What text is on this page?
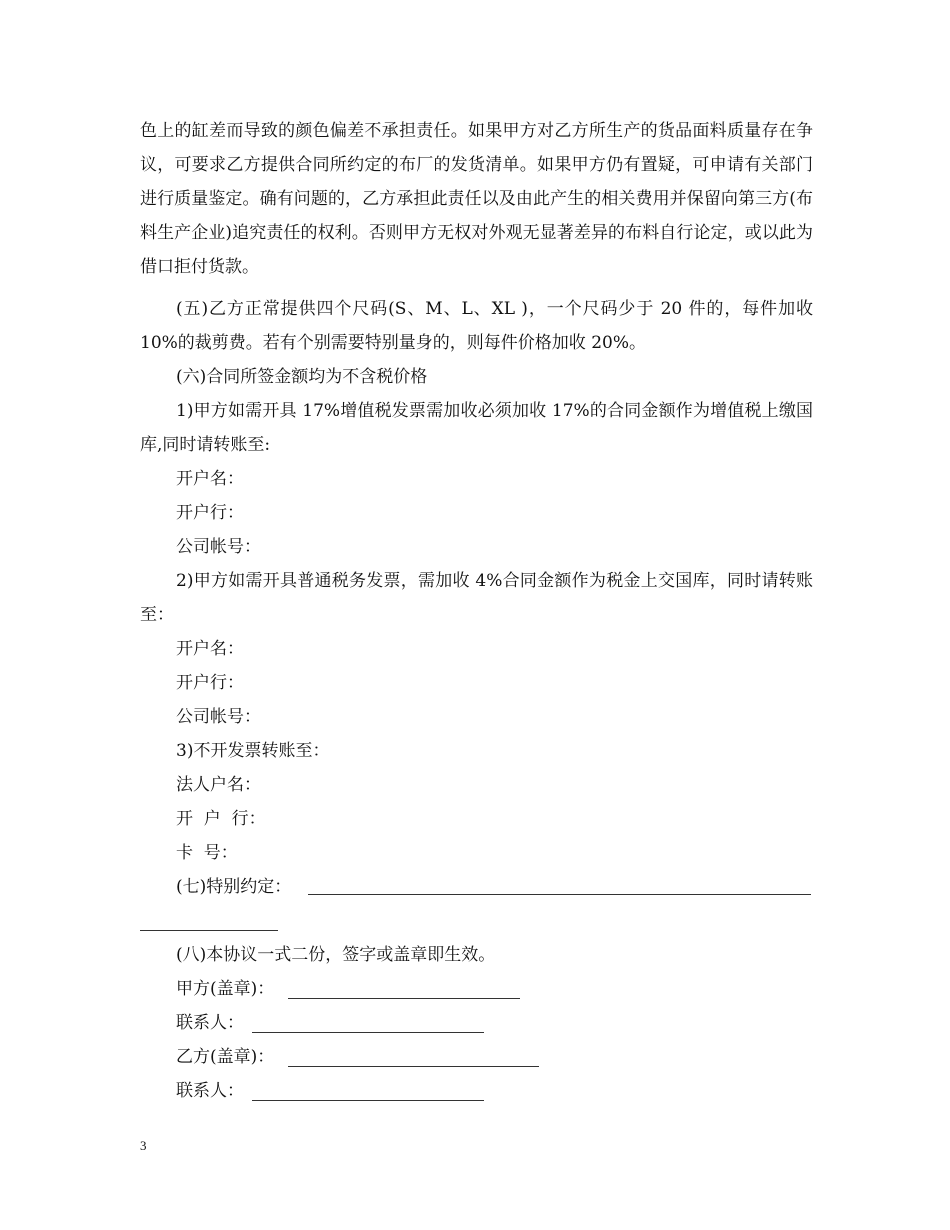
色上的缸差而导致的颜色偏差不承担责任。如果甲方对乙方所生产的货品面料质量存在争议，可要求乙方提供合同所约定的布厂的发货清单。如果甲方仍有置疑，可申请有关部门进行质量鉴定。确有问题的，乙方承担此责任以及由此产生的相关费用并保留向第三方(布料生产企业)追究责任的权利。否则甲方无权对外观无显著差异的布料自行论定，或以此为借口拒付货款。

(五)乙方正常提供四个尺码(S、M、L、XL )，一个尺码少于 20 件的，每件加收 10%的裁剪费。若有个别需要特别量身的，则每件价格加收 20%。

(六)合同所签金额均为不含税价格

1)甲方如需开具 17%增值税发票需加收必须加收 17%的合同金额作为增值税上缴国库,同时请转账至:

开户名：

开户行：

公司帐号：

2)甲方如需开具普通税务发票，需加收 4%合同金额作为税金上交国库，同时请转账至：

开户名：

开户行：

公司帐号：

3)不开发票转账至：

法人户名：

开  户  行：

卡  号：

(七)特别约定：

(八)本协议一式二份，签字或盖章即生效。

甲方(盖章)：

联系人：

乙方(盖章)：

联系人：

3
